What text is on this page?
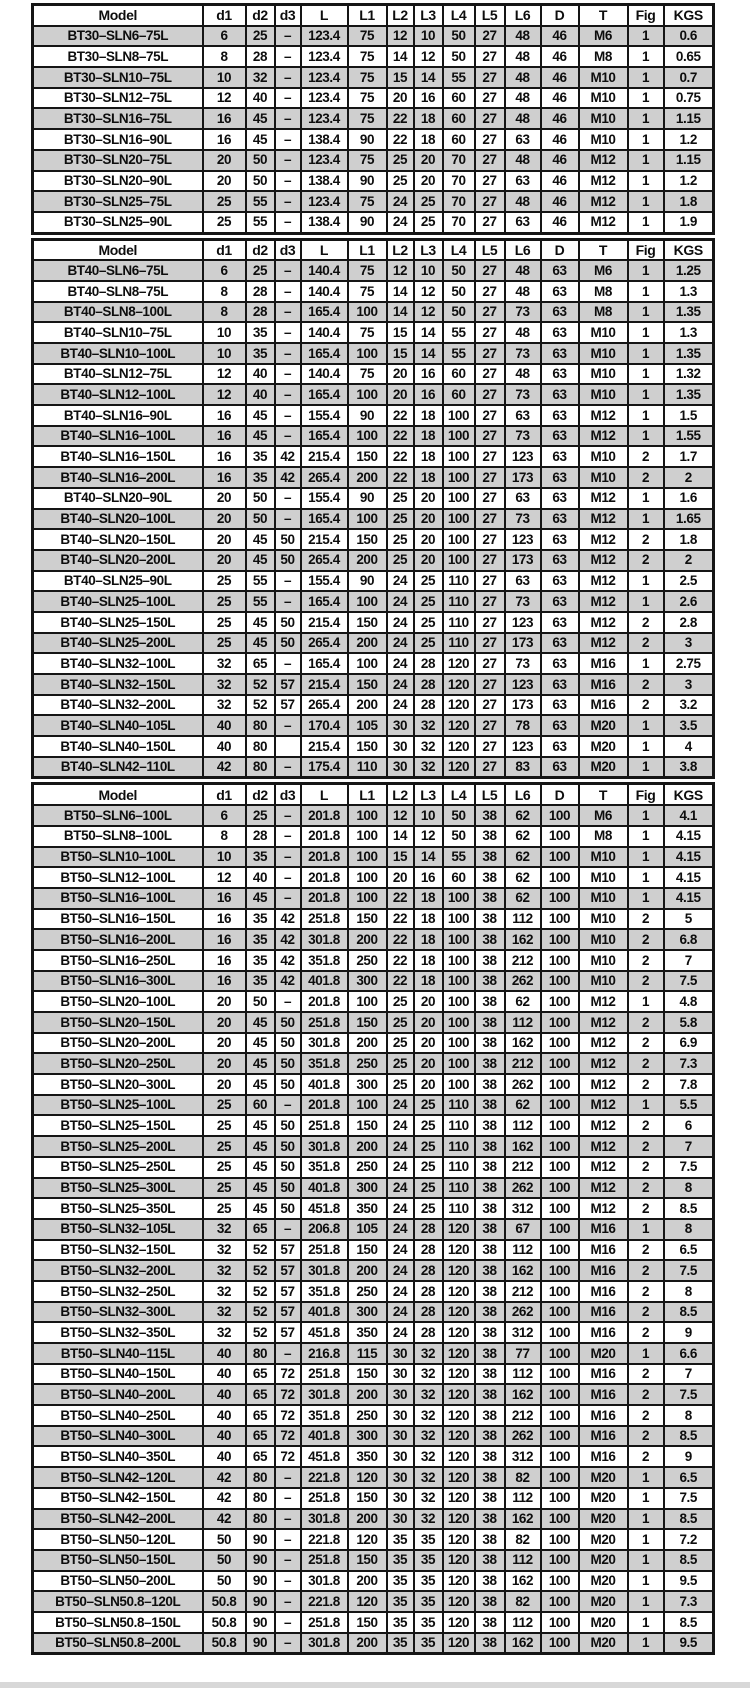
Model	d1	d2	d3	L	L1	L2	L3	L4	L5	L6	D	T	Fig	KGS
BT30–SLN6–75L	6	25	–	123.4	75	12	10	50	27	48	46	M6	1	0.6
BT30–SLN8–75L	8	28	–	123.4	75	14	12	50	27	48	46	M8	1	0.65
BT30–SLN10–75L	10	32	–	123.4	75	15	14	55	27	48	46	M10	1	0.7
BT30–SLN12–75L	12	40	–	123.4	75	20	16	60	27	48	46	M10	1	0.75
BT30–SLN16–75L	16	45	–	123.4	75	22	18	60	27	48	46	M10	1	1.15
BT30–SLN16–90L	16	45	–	138.4	90	22	18	60	27	63	46	M10	1	1.2
BT30–SLN20–75L	20	50	–	123.4	75	25	20	70	27	48	46	M12	1	1.15
BT30–SLN20–90L	20	50	–	138.4	90	25	20	70	27	63	46	M12	1	1.2
BT30–SLN25–75L	25	55	–	123.4	75	24	25	70	27	48	46	M12	1	1.8
BT30–SLN25–90L	25	55	–	138.4	90	24	25	70	27	63	46	M12	1	1.9
Model	d1	d2	d3	L	L1	L2	L3	L4	L5	L6	D	T	Fig	KGS
BT40–SLN6–75L	6	25	–	140.4	75	12	10	50	27	48	63	M6	1	1.25
BT40–SLN8–75L	8	28	–	140.4	75	14	12	50	27	48	63	M8	1	1.3
BT40–SLN8–100L	8	28	–	165.4	100	14	12	50	27	73	63	M8	1	1.35
BT40–SLN10–75L	10	35	–	140.4	75	15	14	55	27	48	63	M10	1	1.3
BT40–SLN10–100L	10	35	–	165.4	100	15	14	55	27	73	63	M10	1	1.35
BT40–SLN12–75L	12	40	–	140.4	75	20	16	60	27	48	63	M10	1	1.32
BT40–SLN12–100L	12	40	–	165.4	100	20	16	60	27	73	63	M10	1	1.35
BT40–SLN16–90L	16	45	–	155.4	90	22	18	100	27	63	63	M12	1	1.5
BT40–SLN16–100L	16	45	–	165.4	100	22	18	100	27	73	63	M12	1	1.55
BT40–SLN16–150L	16	35	42	215.4	150	22	18	100	27	123	63	M10	2	1.7
BT40–SLN16–200L	16	35	42	265.4	200	22	18	100	27	173	63	M10	2	2
BT40–SLN20–90L	20	50	–	155.4	90	25	20	100	27	63	63	M12	1	1.6
BT40–SLN20–100L	20	50	–	165.4	100	25	20	100	27	73	63	M12	1	1.65
BT40–SLN20–150L	20	45	50	215.4	150	25	20	100	27	123	63	M12	2	1.8
BT40–SLN20–200L	20	45	50	265.4	200	25	20	100	27	173	63	M12	2	2
BT40–SLN25–90L	25	55	–	155.4	90	24	25	110	27	63	63	M12	1	2.5
BT40–SLN25–100L	25	55	–	165.4	100	24	25	110	27	73	63	M12	1	2.6
BT40–SLN25–150L	25	45	50	215.4	150	24	25	110	27	123	63	M12	2	2.8
BT40–SLN25–200L	25	45	50	265.4	200	24	25	110	27	173	63	M12	2	3
BT40–SLN32–100L	32	65	–	165.4	100	24	28	120	27	73	63	M16	1	2.75
BT40–SLN32–150L	32	52	57	215.4	150	24	28	120	27	123	63	M16	2	3
BT40–SLN32–200L	32	52	57	265.4	200	24	28	120	27	173	63	M16	2	3.2
BT40–SLN40–105L	40	80	–	170.4	105	30	32	120	27	78	63	M20	1	3.5
BT40–SLN40–150L	40	80		215.4	150	30	32	120	27	123	63	M20	1	4
BT40–SLN42–110L	42	80	–	175.4	110	30	32	120	27	83	63	M20	1	3.8
Model	d1	d2	d3	L	L1	L2	L3	L4	L5	L6	D	T	Fig	KGS
BT50–SLN6–100L	6	25	–	201.8	100	12	10	50	38	62	100	M6	1	4.1
BT50–SLN8–100L	8	28	–	201.8	100	14	12	50	38	62	100	M8	1	4.15
BT50–SLN10–100L	10	35	–	201.8	100	15	14	55	38	62	100	M10	1	4.15
BT50–SLN12–100L	12	40	–	201.8	100	20	16	60	38	62	100	M10	1	4.15
BT50–SLN16–100L	16	45	–	201.8	100	22	18	100	38	62	100	M10	1	4.15
BT50–SLN16–150L	16	35	42	251.8	150	22	18	100	38	112	100	M10	2	5
BT50–SLN16–200L	16	35	42	301.8	200	22	18	100	38	162	100	M10	2	6.8
BT50–SLN16–250L	16	35	42	351.8	250	22	18	100	38	212	100	M10	2	7
BT50–SLN16–300L	16	35	42	401.8	300	22	18	100	38	262	100	M10	2	7.5
BT50–SLN20–100L	20	50	–	201.8	100	25	20	100	38	62	100	M12	1	4.8
BT50–SLN20–150L	20	45	50	251.8	150	25	20	100	38	112	100	M12	2	5.8
BT50–SLN20–200L	20	45	50	301.8	200	25	20	100	38	162	100	M12	2	6.9
BT50–SLN20–250L	20	45	50	351.8	250	25	20	100	38	212	100	M12	2	7.3
BT50–SLN20–300L	20	45	50	401.8	300	25	20	100	38	262	100	M12	2	7.8
BT50–SLN25–100L	25	60	–	201.8	100	24	25	110	38	62	100	M12	1	5.5
BT50–SLN25–150L	25	45	50	251.8	150	24	25	110	38	112	100	M12	2	6
BT50–SLN25–200L	25	45	50	301.8	200	24	25	110	38	162	100	M12	2	7
BT50–SLN25–250L	25	45	50	351.8	250	24	25	110	38	212	100	M12	2	7.5
BT50–SLN25–300L	25	45	50	401.8	300	24	25	110	38	262	100	M12	2	8
BT50–SLN25–350L	25	45	50	451.8	350	24	25	110	38	312	100	M12	2	8.5
BT50–SLN32–105L	32	65	–	206.8	105	24	28	120	38	67	100	M16	1	8
BT50–SLN32–150L	32	52	57	251.8	150	24	28	120	38	112	100	M16	2	6.5
BT50–SLN32–200L	32	52	57	301.8	200	24	28	120	38	162	100	M16	2	7.5
BT50–SLN32–250L	32	52	57	351.8	250	24	28	120	38	212	100	M16	2	8
BT50–SLN32–300L	32	52	57	401.8	300	24	28	120	38	262	100	M16	2	8.5
BT50–SLN32–350L	32	52	57	451.8	350	24	28	120	38	312	100	M16	2	9
BT50–SLN40–115L	40	80	–	216.8	115	30	32	120	38	77	100	M20	1	6.6
BT50–SLN40–150L	40	65	72	251.8	150	30	32	120	38	112	100	M16	2	7
BT50–SLN40–200L	40	65	72	301.8	200	30	32	120	38	162	100	M16	2	7.5
BT50–SLN40–250L	40	65	72	351.8	250	30	32	120	38	212	100	M16	2	8
BT50–SLN40–300L	40	65	72	401.8	300	30	32	120	38	262	100	M16	2	8.5
BT50–SLN40–350L	40	65	72	451.8	350	30	32	120	38	312	100	M16	2	9
BT50–SLN42–120L	42	80	–	221.8	120	30	32	120	38	82	100	M20	1	6.5
BT50–SLN42–150L	42	80	–	251.8	150	30	32	120	38	112	100	M20	1	7.5
BT50–SLN42–200L	42	80	–	301.8	200	30	32	120	38	162	100	M20	1	8.5
BT50–SLN50–120L	50	90	–	221.8	120	35	35	120	38	82	100	M20	1	7.2
BT50–SLN50–150L	50	90	–	251.8	150	35	35	120	38	112	100	M20	1	8.5
BT50–SLN50–200L	50	90	–	301.8	200	35	35	120	38	162	100	M20	1	9.5
BT50–SLN50.8–120L	50.8	90	–	221.8	120	35	35	120	38	82	100	M20	1	7.3
BT50–SLN50.8–150L	50.8	90	–	251.8	150	35	35	120	38	112	100	M20	1	8.5
BT50–SLN50.8–200L	50.8	90	–	301.8	200	35	35	120	38	162	100	M20	1	9.5
